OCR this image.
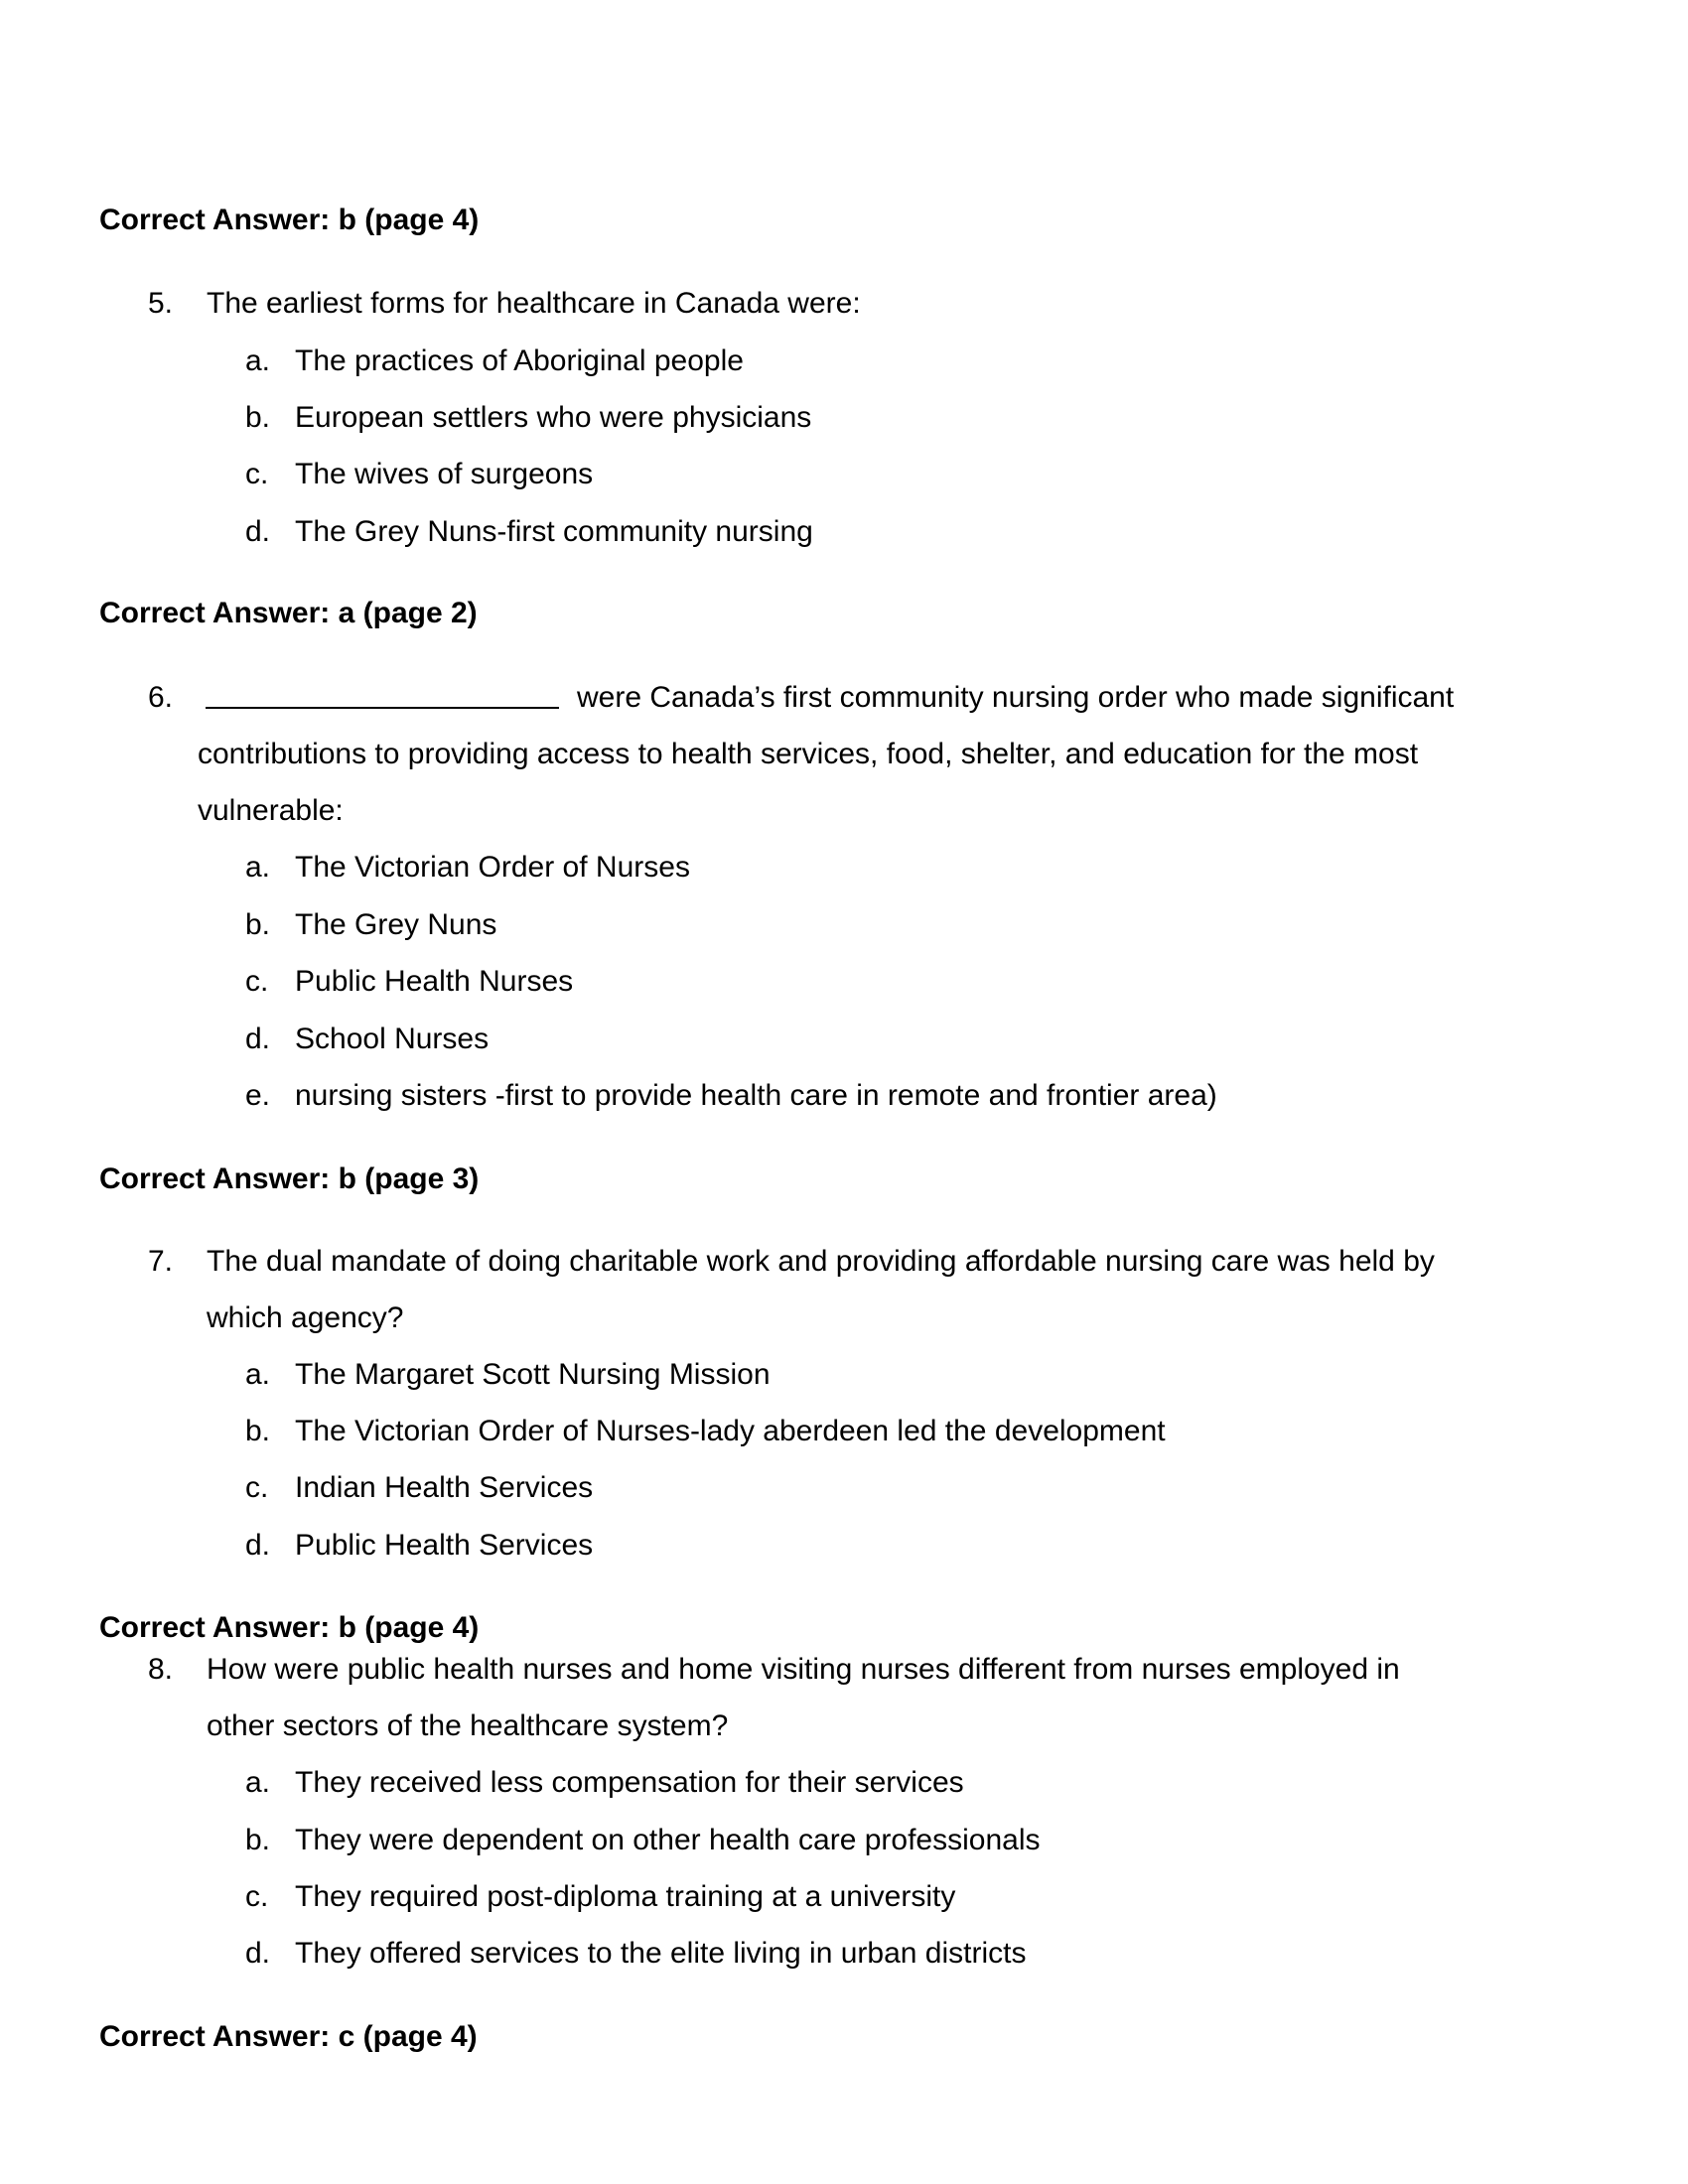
Correct Answer: b (page 4)
5. The earliest forms for healthcare in Canada were:
a. The practices of Aboriginal people
b. European settlers who were physicians
c. The wives of surgeons
d. The Grey Nuns-first community nursing
Correct Answer: a (page 2)
6.	were Canada’s first community nursing order who made significant
contributions to providing access to health services, food, shelter, and education for the most
vulnerable:
a. The Victorian Order of Nurses
b. The Grey Nuns
c. Public Health Nurses
d. School Nurses
e. nursing sisters -first to provide health care in remote and frontier area)
Correct Answer: b (page 3)
7. The dual mandate of doing charitable work and providing affordable nursing care was held by
which agency?
a. The Margaret Scott Nursing Mission
b. The Victorian Order of Nurses-lady aberdeen led the development
c. Indian Health Services
d. Public Health Services
Correct Answer: b (page 4)
8. How were public health nurses and home visiting nurses different from nurses employed in
other sectors of the healthcare system?
a. They received less compensation for their services
b. They were dependent on other health care professionals
c. They required post-diploma training at a university
d. They offered services to the elite living in urban districts
Correct Answer: c (page 4)
